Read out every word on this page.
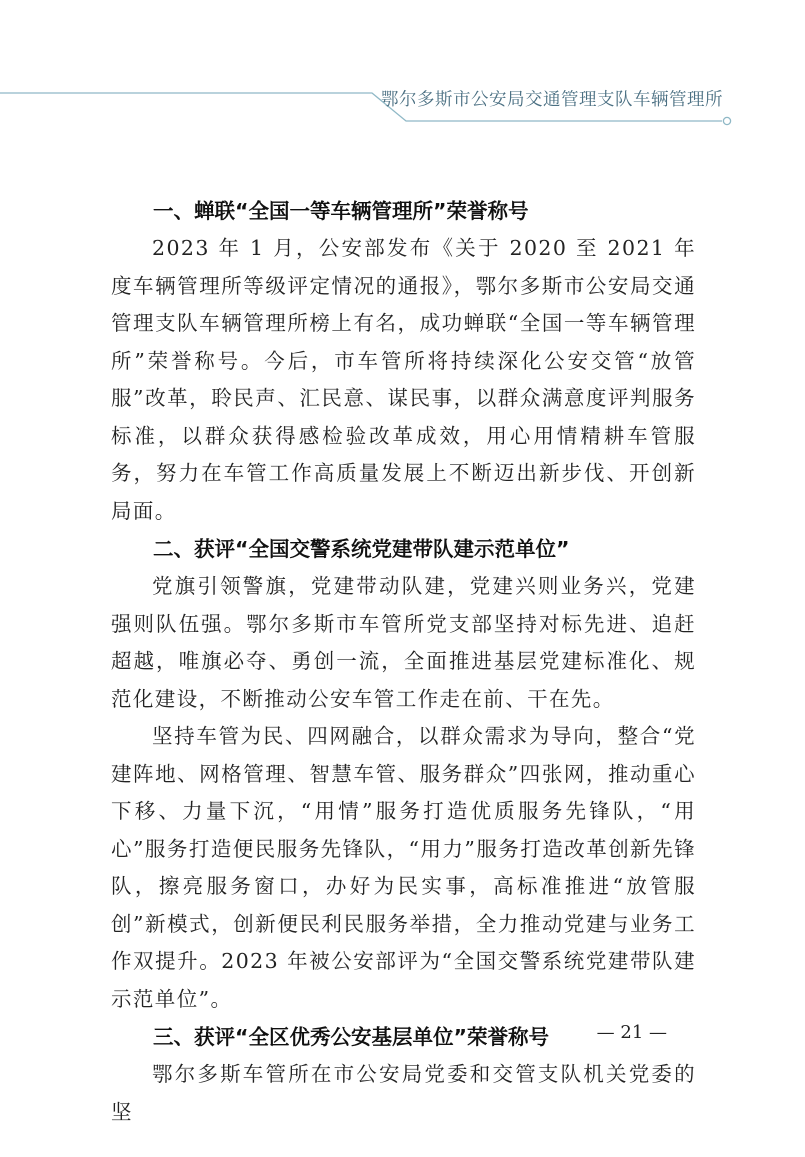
鄂尔多斯市公安局交通管理支队车辆管理所
一、蝉联“全国一等车辆管理所”荣誉称号

2023 年 1 月，公安部发布《关于 2020 至 2021 年度车辆管理所等级评定情况的通报》，鄂尔多斯市公安局交通管理支队车辆管理所榜上有名，成功蝉联“全国一等车辆管理所”荣誉称号。今后，市车管所将持续深化公安交管“放管服”改革，聆民声、汇民意、谋民事，以群众满意度评判服务标准，以群众获得感检验改革成效，用心用情精耕车管服务，努力在车管工作高质量发展上不断迈出新步伐、开创新局面。

二、获评“全国交警系统党建带队建示范单位”

党旗引领警旗，党建带动队建，党建兴则业务兴，党建强则队伍强。鄂尔多斯市车管所党支部坚持对标先进、追赶超越，唯旗必夺、勇创一流，全面推进基层党建标准化、规范化建设，不断推动公安车管工作走在前、干在先。

坚持车管为民、四网融合，以群众需求为导向，整合“党建阵地、网格管理、智慧车管、服务群众”四张网，推动重心下移、力量下沉，“用情”服务打造优质服务先锋队，“用心”服务打造便民服务先锋队，“用力”服务打造改革创新先锋队，擦亮服务窗口，办好为民实事，高标准推进“放管服创”新模式，创新便民利民服务举措，全力推动党建与业务工作双提升。2023 年被公安部评为“全国交警系统党建带队建示范单位”。

三、获评“全区优秀公安基层单位”荣誉称号

鄂尔多斯车管所在市公安局党委和交管支队机关党委的坚

— 21 —
